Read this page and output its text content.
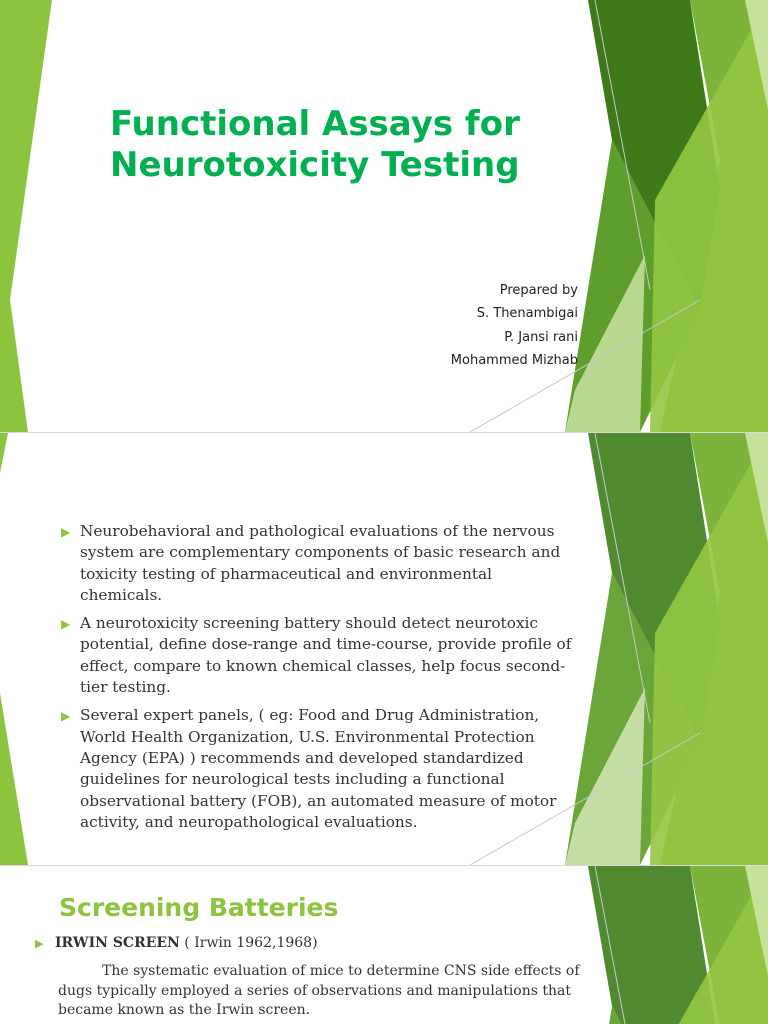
Functional Assays for Neurotoxicity Testing
Prepared by
S. Thenambigai
P. Jansi rani
Mohammed Mizhab
▶ Neurobehavioral and pathological evaluations of the nervous system are complementary components of basic research and toxicity testing of pharmaceutical and environmental chemicals.
▶ A neurotoxicity screening battery should detect neurotoxic potential, define dose-range and time-course, provide profile of effect, compare to known chemical classes, help focus second-tier testing.
▶ Several expert panels, ( eg: Food and Drug Administration, World Health Organization, U.S. Environmental Protection Agency (EPA) ) recommends and developed standardized guidelines for neurological tests including a functional observational battery (FOB), an automated measure of motor activity, and neuropathological evaluations.
Screening Batteries
▶ IRWIN SCREEN ( Irwin 1962,1968)

The systematic evaluation of mice to determine CNS side effects of dugs typically employed a series of observations and manipulations that became known as the Irwin screen.
